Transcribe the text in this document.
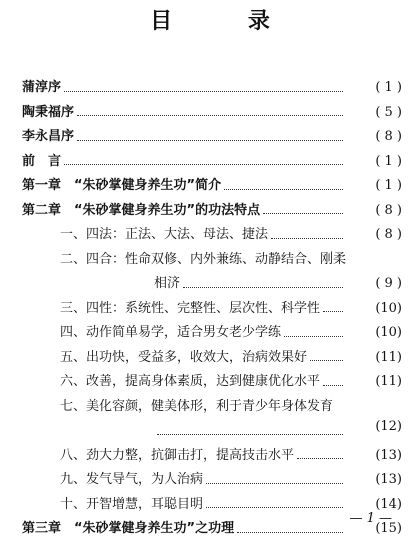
目 录
蒲淳序	( 1 )
陶秉福序	( 5 )
李永昌序	( 8 )
前　言	( 1 )
第一章　“朱砂掌健身养生功”简介	( 1 )
第二章　“朱砂掌健身养生功”的功法特点	( 8 )
一、四法：正法、大法、母法、捷法	( 8 )
二、四合：性命双修、内外兼练、动静结合、刚柔
相济	( 9 )
三、四性：系统性、完整性、层次性、科学性	(10)
四、动作简单易学，适合男女老少学练	(10)
五、出功快，受益多，收效大，治病效果好	(11)
六、改善，提高身体素质，达到健康优化水平	(11)
七、美化容颜，健美体形，利于青少年身体发育
(12)
八、劲大力整，抗御击打，提高技击水平	(13)
九、发气导气，为人治病	(13)
十、开智增慧，耳聪目明	(14)
第三章　“朱砂掌健身养生功”之功理	(15)
— 1 —
